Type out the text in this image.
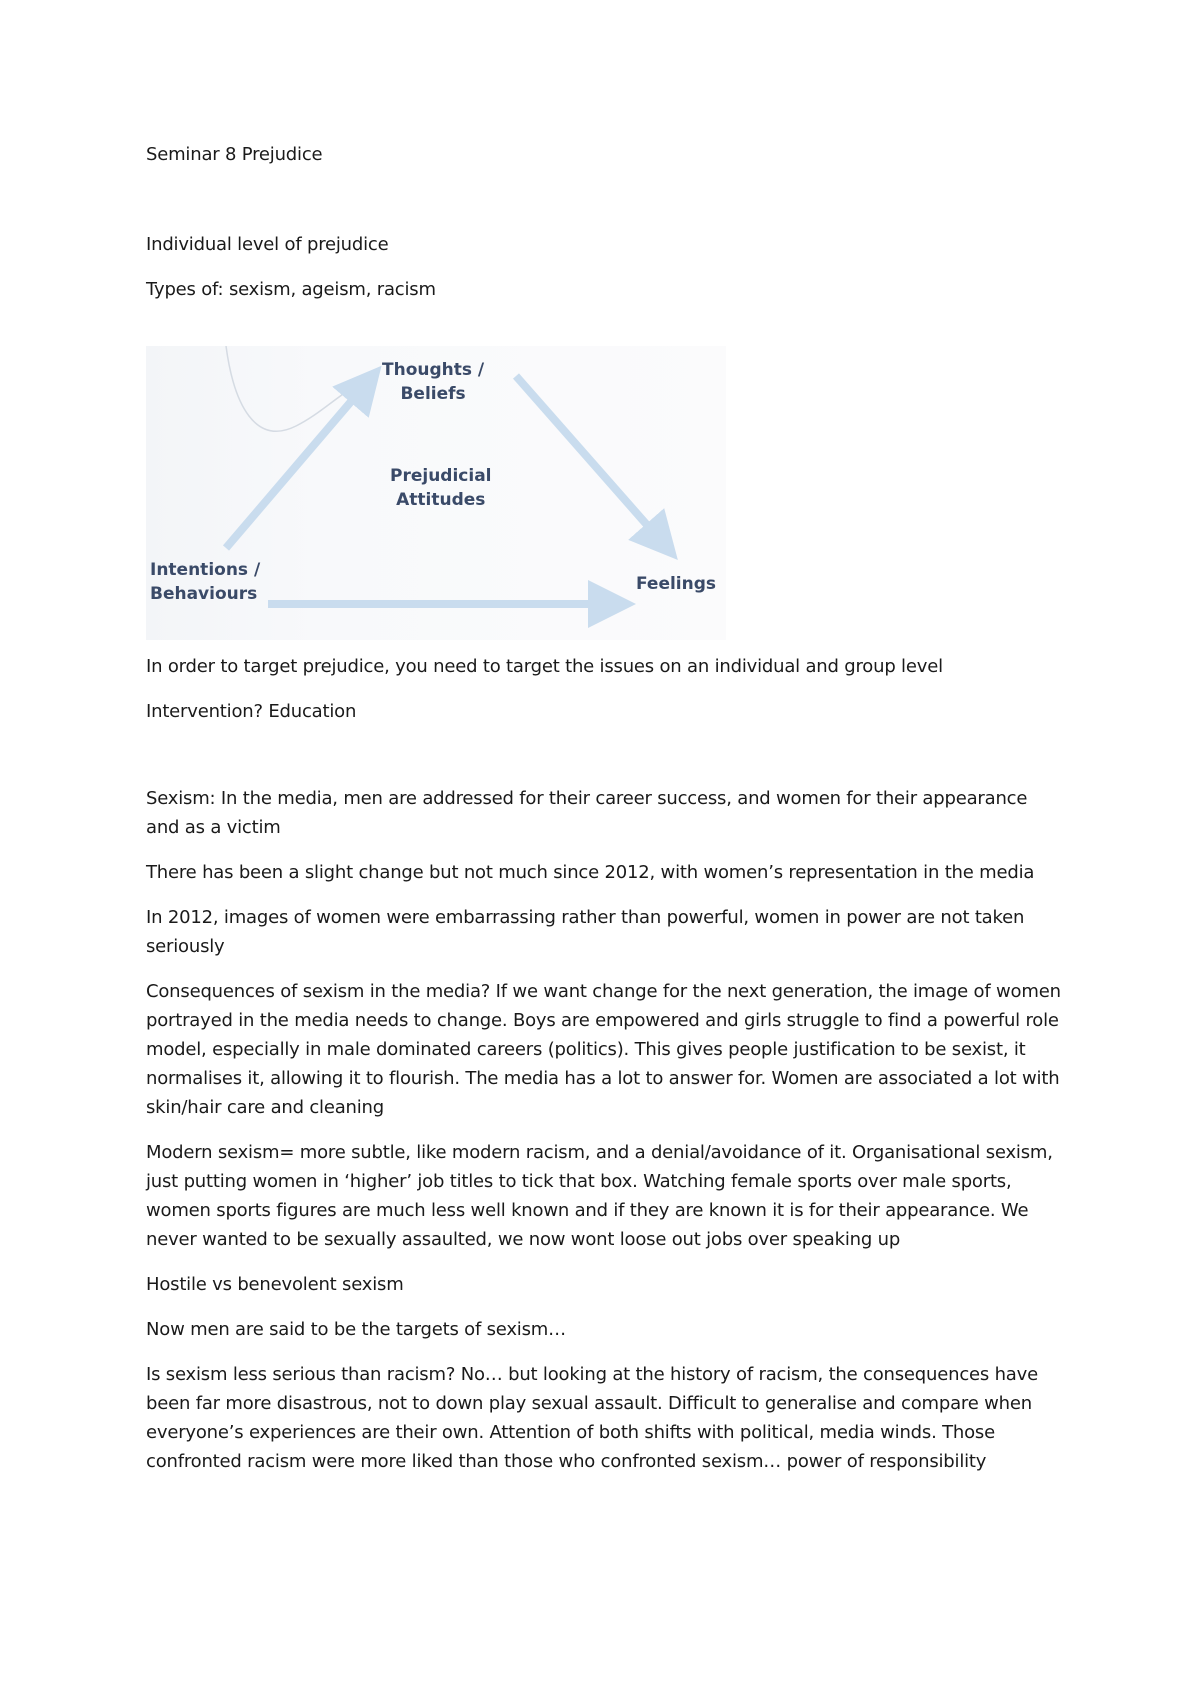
Seminar 8 Prejudice

Individual level of prejudice

Types of: sexism, ageism, racism

Thoughts /
Beliefs
Prejudicial
Attitudes
Intentions /
Behaviours	Feelings

In order to target prejudice, you need to target the issues on an individual and group level

Intervention? Education

Sexism: In the media, men are addressed for their career success, and women for their appearance and as a victim

There has been a slight change but not much since 2012, with women’s representation in the media

In 2012, images of women were embarrassing rather than powerful, women in power are not taken seriously

Consequences of sexism in the media? If we want change for the next generation, the image of women portrayed in the media needs to change. Boys are empowered and girls struggle to find a powerful role model, especially in male dominated careers (politics). This gives people justification to be sexist, it normalises it, allowing it to flourish. The media has a lot to answer for. Women are associated a lot with skin/hair care and cleaning

Modern sexism= more subtle, like modern racism, and a denial/avoidance of it. Organisational sexism, just putting women in ‘higher’ job titles to tick that box. Watching female sports over male sports, women sports figures are much less well known and if they are known it is for their appearance. We never wanted to be sexually assaulted, we now wont loose out jobs over speaking up

Hostile vs benevolent sexism

Now men are said to be the targets of sexism…

Is sexism less serious than racism? No… but looking at the history of racism, the consequences have been far more disastrous, not to down play sexual assault. Difficult to generalise and compare when everyone’s experiences are their own. Attention of both shifts with political, media winds. Those confronted racism were more liked than those who confronted sexism… power of responsibility
